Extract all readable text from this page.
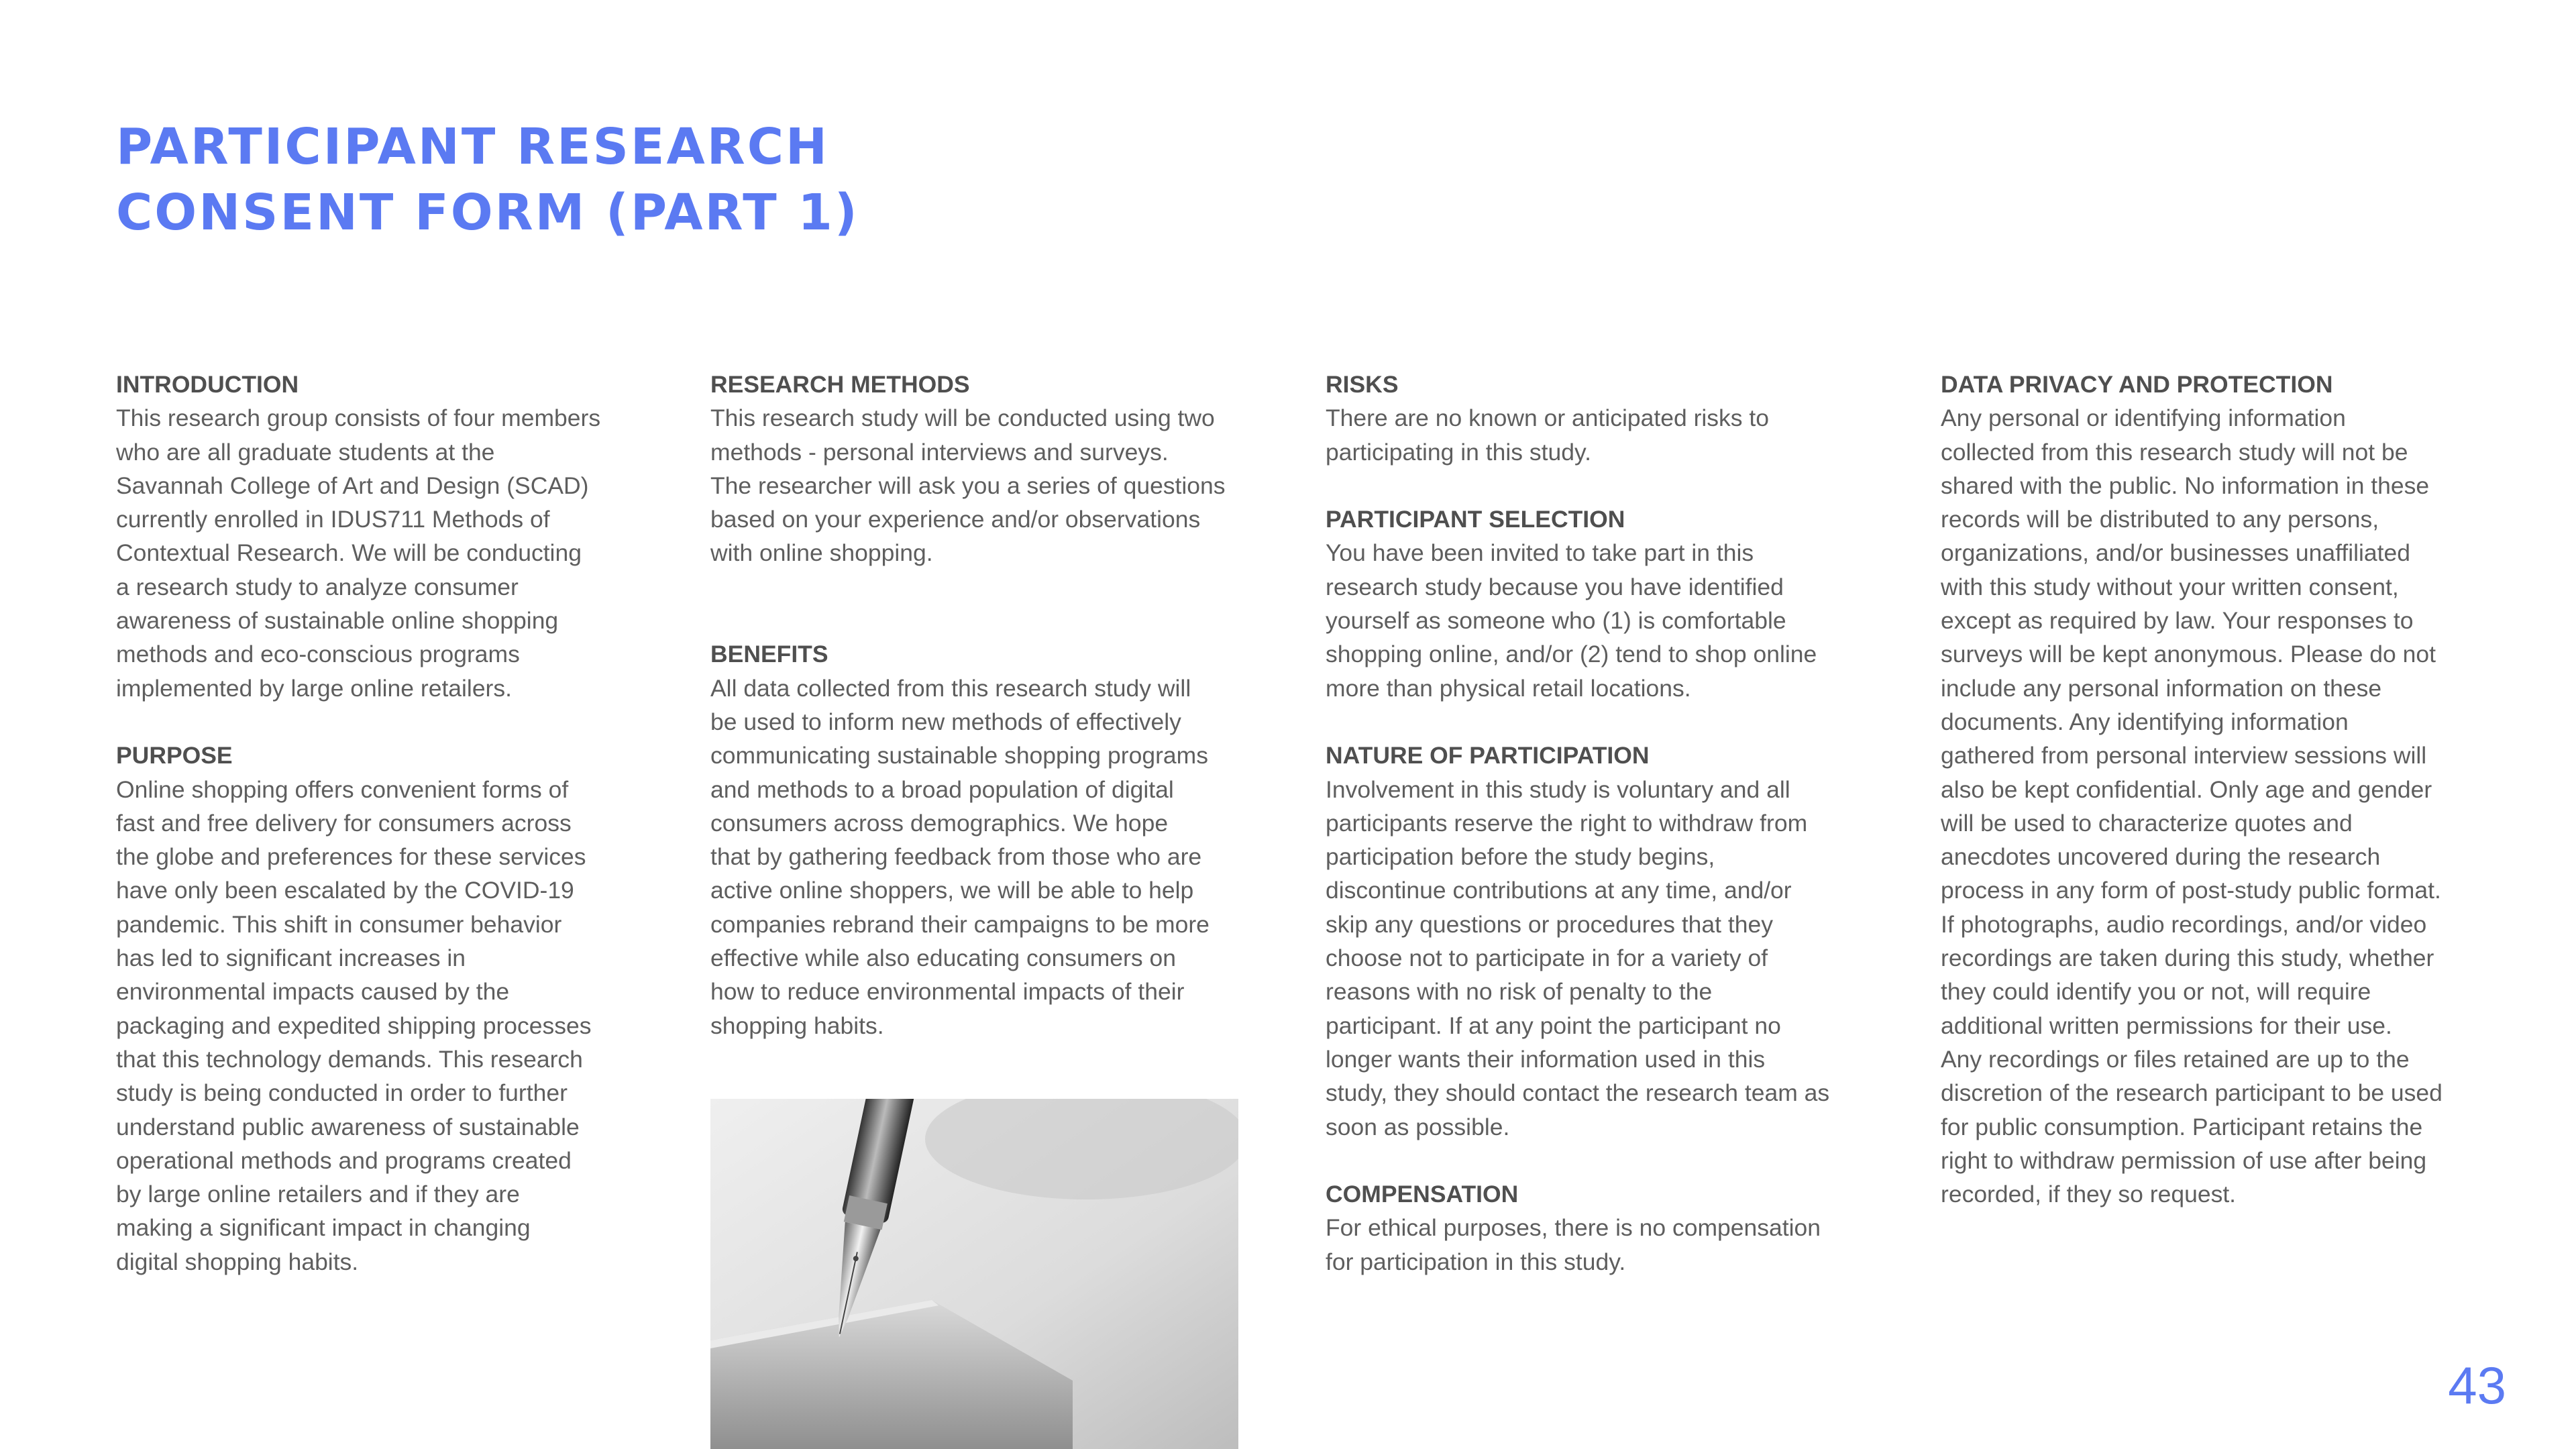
PARTICIPANT RESEARCH
CONSENT FORM (PART 1)
INTRODUCTION
This research group consists of four members
who are all graduate students at the
Savannah College of Art and Design (SCAD)
currently enrolled in IDUS711 Methods of
Contextual Research. We will be conducting
a research study to analyze consumer
awareness of sustainable online shopping
methods and eco-conscious programs
implemented by large online retailers.
PURPOSE
Online shopping offers convenient forms of
fast and free delivery for consumers across
the globe and preferences for these services
have only been escalated by the COVID-19
pandemic. This shift in consumer behavior
has led to significant increases in
environmental impacts caused by the
packaging and expedited shipping processes
that this technology demands. This research
study is being conducted in order to further
understand public awareness of sustainable
operational methods and programs created
by large online retailers and if they are
making a significant impact in changing
digital shopping habits.
RESEARCH METHODS
This research study will be conducted using two
methods - personal interviews and surveys.
The researcher will ask you a series of questions
based on your experience and/or observations
with online shopping.
BENEFITS
All data collected from this research study will
be used to inform new methods of effectively
communicating sustainable shopping programs
and methods to a broad population of digital
consumers across demographics. We hope
that by gathering feedback from those who are
active online shoppers, we will be able to help
companies rebrand their campaigns to be more
effective while also educating consumers on
how to reduce environmental impacts of their
shopping habits.
RISKS
There are no known or anticipated risks to
participating in this study.
PARTICIPANT SELECTION
You have been invited to take part in this
research study because you have identified
yourself as someone who (1) is comfortable
shopping online, and/or (2) tend to shop online
more than physical retail locations.
NATURE OF PARTICIPATION
Involvement in this study is voluntary and all
participants reserve the right to withdraw from
participation before the study begins,
discontinue contributions at any time, and/or
skip any questions or procedures that they
choose not to participate in for a variety of
reasons with no risk of penalty to the
participant. If at any point the participant no
longer wants their information used in this
study, they should contact the research team as
soon as possible.
COMPENSATION
For ethical purposes, there is no compensation
for participation in this study.
DATA PRIVACY AND PROTECTION
Any personal or identifying information
collected from this research study will not be
shared with the public. No information in these
records will be distributed to any persons,
organizations, and/or businesses unaffiliated
with this study without your written consent,
except as required by law. Your responses to
surveys will be kept anonymous. Please do not
include any personal information on these
documents. Any identifying information
gathered from personal interview sessions will
also be kept confidential. Only age and gender
will be used to characterize quotes and
anecdotes uncovered during the research
process in any form of post-study public format.
If photographs, audio recordings, and/or video
recordings are taken during this study, whether
they could identify you or not, will require
additional written permissions for their use.
Any recordings or files retained are up to the
discretion of the research participant to be used
for public consumption. Participant retains the
right to withdraw permission of use after being
recorded, if they so request.
43
